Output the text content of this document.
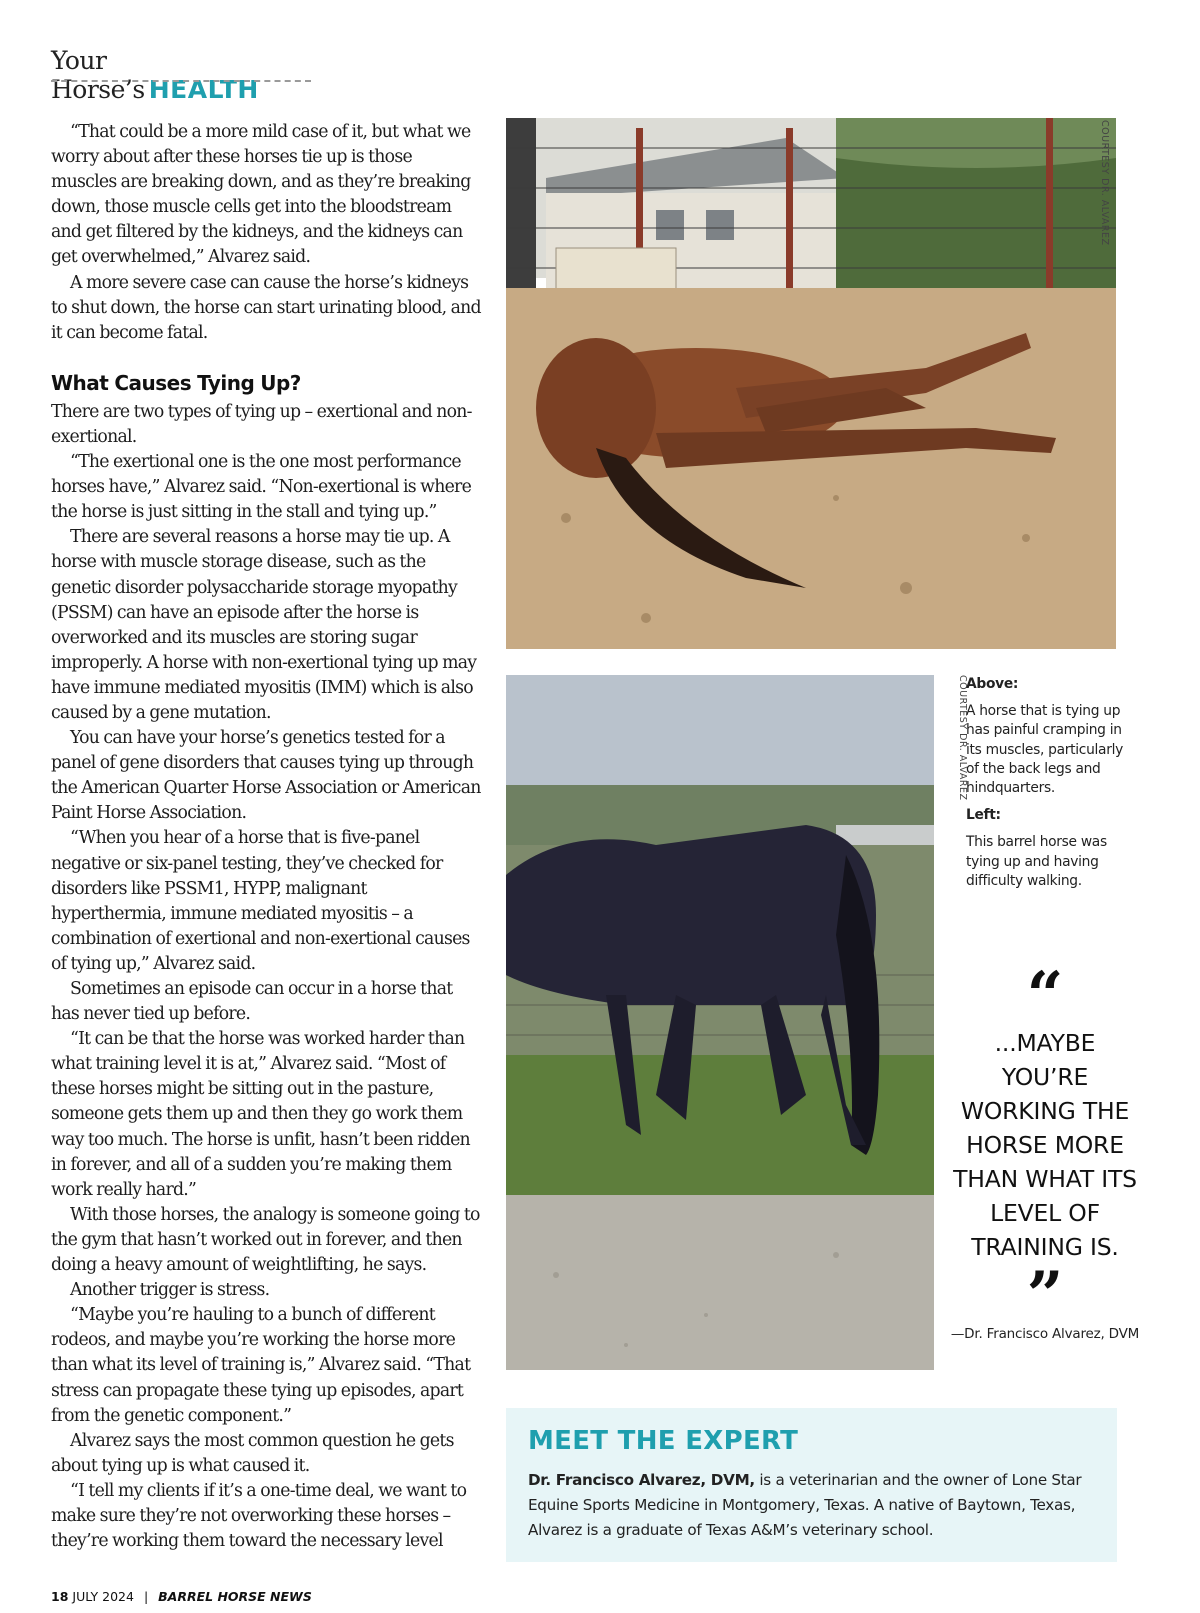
Your Horse’s HEALTH

“That could be a more mild case of it, but what we worry about after these horses tie up is those muscles are breaking down, and as they’re breaking down, those muscle cells get into the bloodstream and get filtered by the kidneys, and the kidneys can get overwhelmed,” Alvarez said.

A more severe case can cause the horse’s kidneys to shut down, the horse can start urinating blood, and it can become fatal.

What Causes Tying Up?

There are two types of tying up – exertional and non-exertional.

“The exertional one is the one most performance horses have,” Alvarez said. “Non-exertional is where the horse is just sitting in the stall and tying up.”

There are several reasons a horse may tie up. A horse with muscle storage disease, such as the genetic disorder polysaccharide storage myopathy (PSSM) can have an episode after the horse is overworked and its muscles are storing sugar improperly. A horse with non-exertional tying up may have immune mediated myositis (IMM) which is also caused by a gene mutation.

You can have your horse’s genetics tested for a panel of gene disorders that causes tying up through the American Quarter Horse Association or American Paint Horse Association.

“When you hear of a horse that is five-panel negative or six-panel testing, they’ve checked for disorders like PSSM1, HYPP, malignant hyperthermia, immune mediated myositis – a combination of exertional and non-exertional causes of tying up,” Alvarez said.

Sometimes an episode can occur in a horse that has never tied up before.

“It can be that the horse was worked harder than what training level it is at,” Alvarez said. “Most of these horses might be sitting out in the pasture, someone gets them up and then they go work them way too much. The horse is unfit, hasn’t been ridden in forever, and all of a sudden you’re making them work really hard.”

With those horses, the analogy is someone going to the gym that hasn’t worked out in forever, and then doing a heavy amount of weightlifting, he says.

Another trigger is stress.

“Maybe you’re hauling to a bunch of different rodeos, and maybe you’re working the horse more than what its level of training is,” Alvarez said. “That stress can propagate these tying up episodes, apart from the genetic component.”

Alvarez says the most common question he gets about tying up is what caused it.

“I tell my clients if it’s a one-time deal, we want to make sure they’re not overworking these horses – they’re working them toward the necessary level

COURTESY DR. ALVAREZ
COURTESY DR. ALVAREZ
Above:
A horse that is tying up has painful cramping in its muscles, particularly of the back legs and hindquarters.
Left:
This barrel horse was tying up and having difficulty walking.
“
...MAYBE YOU’RE WORKING THE HORSE MORE THAN WHAT ITS LEVEL OF TRAINING IS.
”
—Dr. Francisco Alvarez, DVM
MEET THE EXPERT
Dr. Francisco Alvarez, DVM, is a veterinarian and the owner of Lone Star Equine Sports Medicine in Montgomery, Texas. A native of Baytown, Texas, Alvarez is a graduate of Texas A&M’s veterinary school.
18 JULY 2024 | BARREL HORSE NEWS
